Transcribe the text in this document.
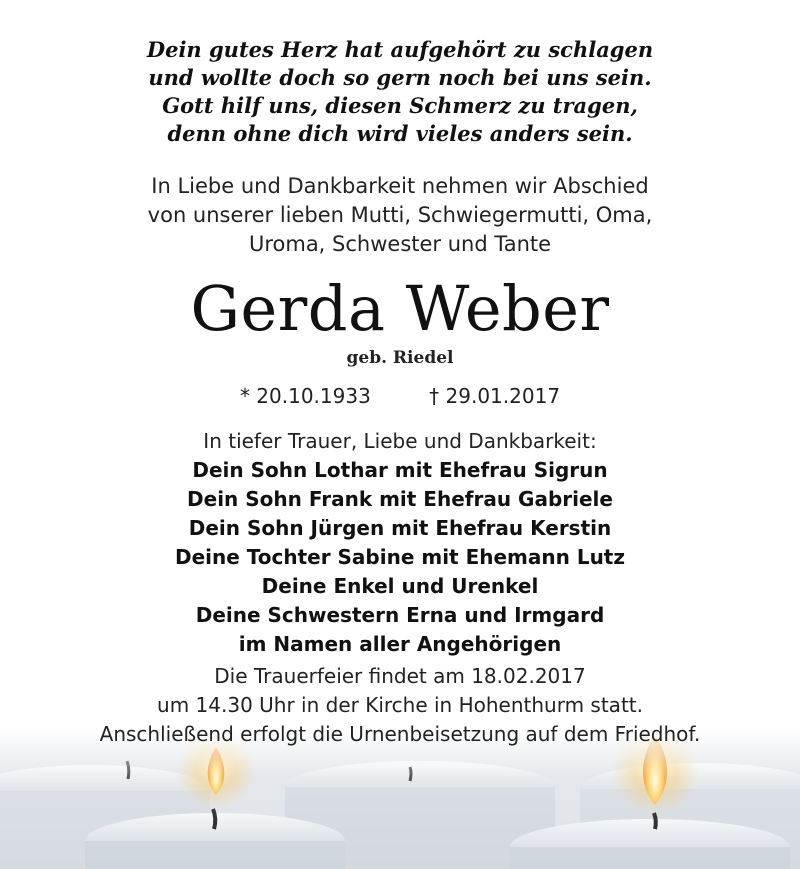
Dein gutes Herz hat aufgehört zu schlagen
und wollte doch so gern noch bei uns sein.
Gott hilf uns, diesen Schmerz zu tragen,
denn ohne dich wird vieles anders sein.
In Liebe und Dankbarkeit nehmen wir Abschied
von unserer lieben Mutti, Schwiegermutti, Oma,
Uroma, Schwester und Tante
Gerda Weber
geb. Riedel
* 20.10.1933	† 29.01.2017
In tiefer Trauer, Liebe und Dankbarkeit:
Dein Sohn Lothar mit Ehefrau Sigrun
Dein Sohn Frank mit Ehefrau Gabriele
Dein Sohn Jürgen mit Ehefrau Kerstin
Deine Tochter Sabine mit Ehemann Lutz
Deine Enkel und Urenkel
Deine Schwestern Erna und Irmgard
im Namen aller Angehörigen
Die Trauerfeier findet am 18.02.2017
um 14.30 Uhr in der Kirche in Hohenthurm statt.
Anschließend erfolgt die Urnenbeisetzung auf dem Friedhof.
